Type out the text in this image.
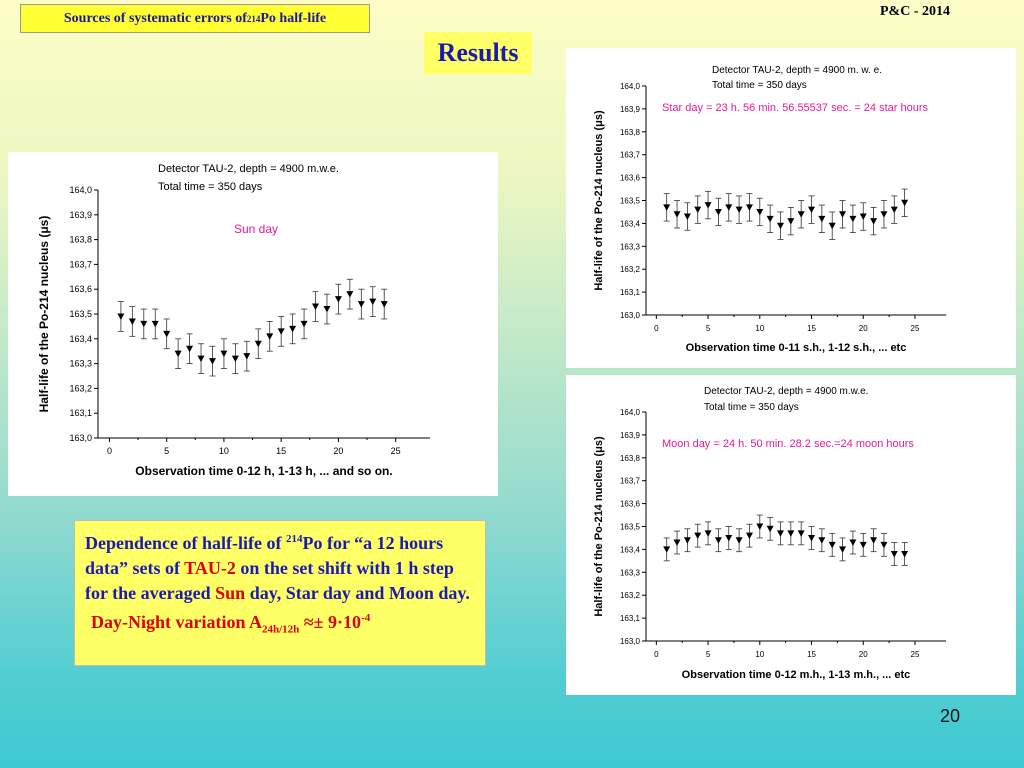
Sources of systematic errors of 214 Po half-life	P&C - 2014
Results
163,0
163,1
163,2
163,3
163,4
163,5
163,6
163,7
163,8
163,9
164,0
0	5	10	15	20	25
Detector TAU-2, depth = 4900 m.w.e.
Total time = 350 days
Sun day
Observation time 0-12 h, 1-13 h, ... and so on.
Half-life of the Po-214 nucleus (μs)	163,0
163,1
163,2
163,3
163,4
163,5
163,6
163,7
163,8
163,9
164,0
0	5	10	15	20	25
Detector TAU-2, depth = 4900 m. w. e.
Total time = 350 days
Star day = 23 h. 56 min. 56.55537 sec. = 24 star hours
Observation time 0-11 s.h., 1-12 s.h., ... etc
Half-life of the Po-214 nucleus (μs)
163,0
163,1
163,2
163,3
163,4
163,5
163,6
163,7
163,8
163,9
164,0
0	5	10	15	20	25
Detector TAU-2, depth = 4900 m.w.e.
Total time = 350 days
Moon day = 24 h. 50 min. 28.2 sec.=24 moon hours
Observation time 0-12 m.h., 1-13 m.h., ... etc
Half-life of the Po-214 nucleus (μs)
Dependence of half-life of $^{214}$Po for “a 12 hours data” sets of TAU-2 on the set shift with 1 h step for the averaged Sun day, Star day and Moon day.
Day-Night variation $A_{24h/12h} \approx\pm 9\cdot 10^{-4}$
20
